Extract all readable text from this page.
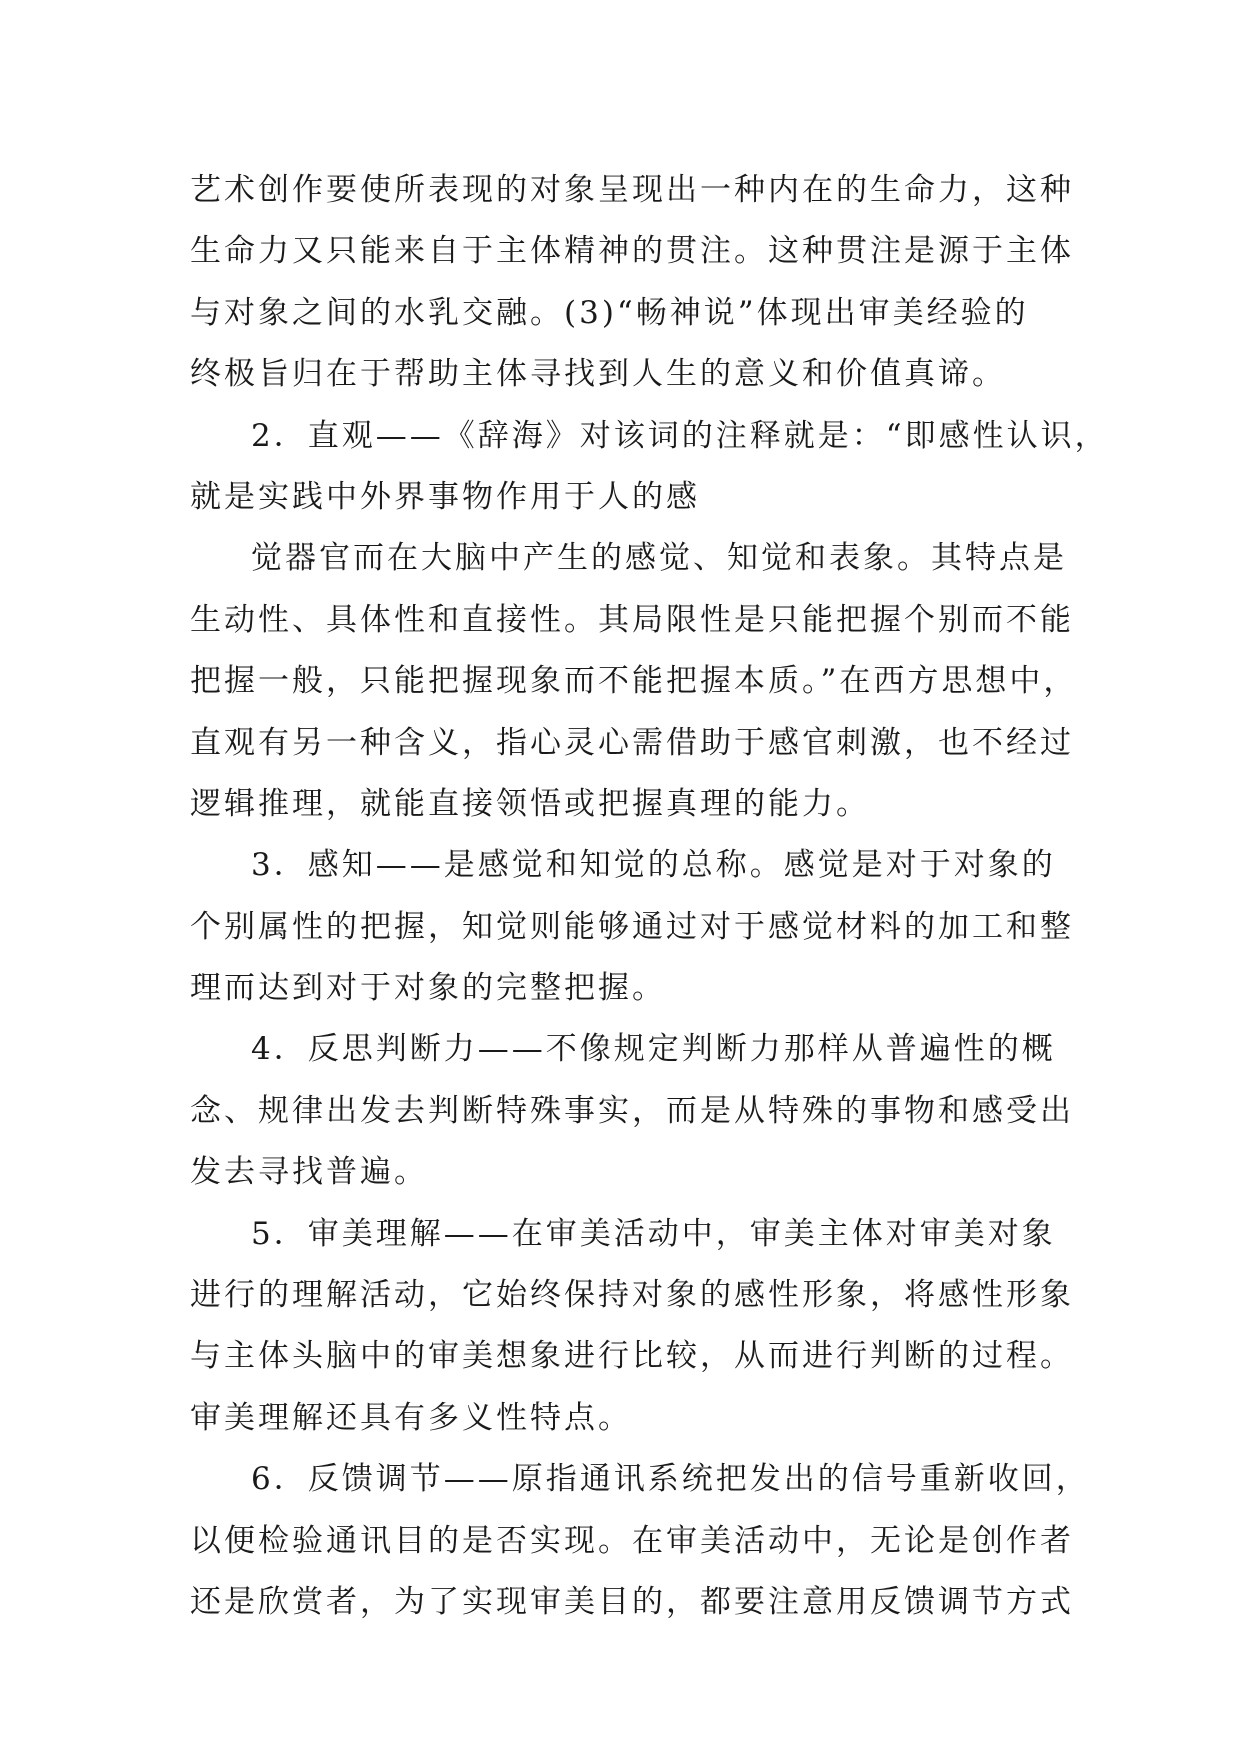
艺术创作要使所表现的对象呈现出一种内在的生命力，这种
生命力又只能来自于主体精神的贯注。这种贯注是源于主体
与对象之间的水乳交融。(3)“畅神说”体现出审美经验的
终极旨归在于帮助主体寻找到人生的意义和价值真谛。
2．直观——《辞海》对该词的注释就是：“即感性认识，
就是实践中外界事物作用于人的感
觉器官而在大脑中产生的感觉、知觉和表象。其特点是
生动性、具体性和直接性。其局限性是只能把握个别而不能
把握一般，只能把握现象而不能把握本质。”在西方思想中，
直观有另一种含义，指心灵心需借助于感官刺激，也不经过
逻辑推理，就能直接领悟或把握真理的能力。
3．感知——是感觉和知觉的总称。感觉是对于对象的
个别属性的把握，知觉则能够通过对于感觉材料的加工和整
理而达到对于对象的完整把握。
4．反思判断力——不像规定判断力那样从普遍性的概
念、规律出发去判断特殊事实，而是从特殊的事物和感受出
发去寻找普遍。
5．审美理解——在审美活动中，审美主体对审美对象
进行的理解活动，它始终保持对象的感性形象，将感性形象
与主体头脑中的审美想象进行比较，从而进行判断的过程。
审美理解还具有多义性特点。
6．反馈调节——原指通讯系统把发出的信号重新收回，
以便检验通讯目的是否实现。在审美活动中，无论是创作者
还是欣赏者，为了实现审美目的，都要注意用反馈调节方式
